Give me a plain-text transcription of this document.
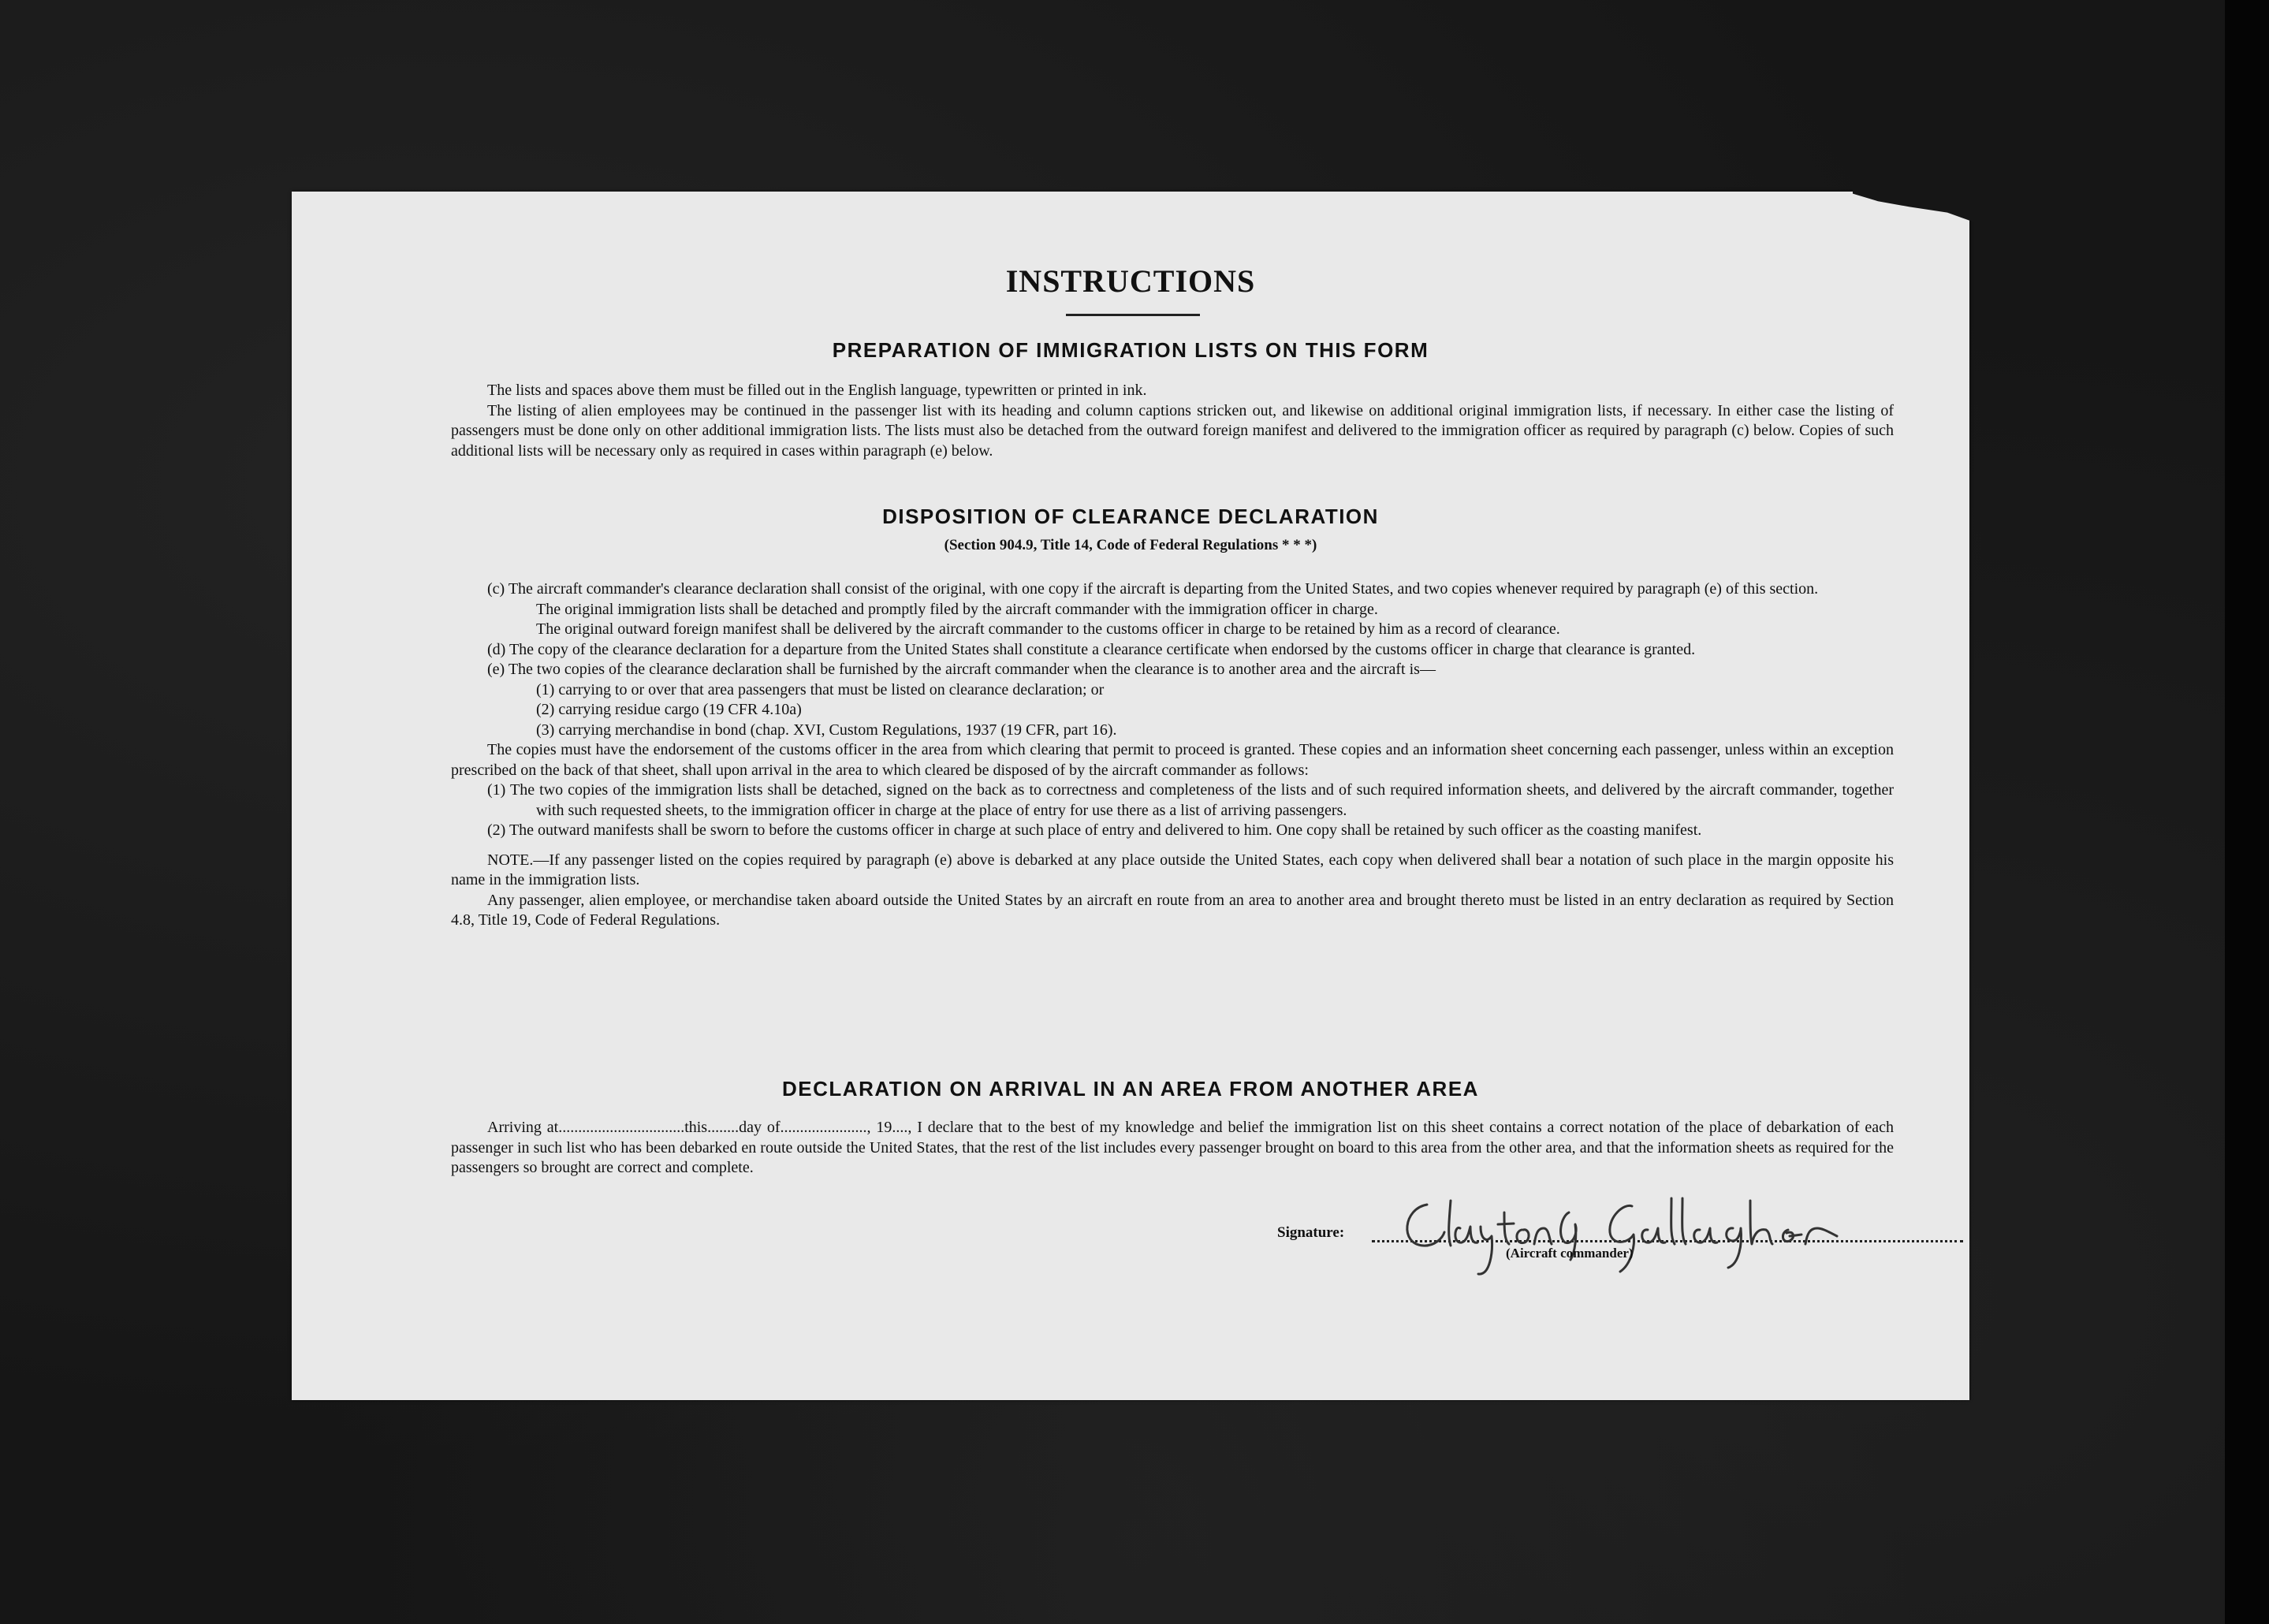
INSTRUCTIONS
PREPARATION OF IMMIGRATION LISTS ON THIS FORM

The lists and spaces above them must be filled out in the English language, typewritten or printed in ink.

The listing of alien employees may be continued in the passenger list with its heading and column captions stricken out, and likewise on additional original immigration lists, if necessary. In either case the listing of passengers must be done only on other additional immigration lists. The lists must also be detached from the outward foreign manifest and delivered to the immigration officer as required by paragraph (c) below. Copies of such additional lists will be necessary only as required in cases within paragraph (e) below.

DISPOSITION OF CLEARANCE DECLARATION
(Section 904.9, Title 14, Code of Federal Regulations * * *)

(c) The aircraft commander's clearance declaration shall consist of the original, with one copy if the aircraft is departing from the United States, and two copies whenever required by paragraph (e) of this section.

The original immigration lists shall be detached and promptly filed by the aircraft commander with the immigration officer in charge.

The original outward foreign manifest shall be delivered by the aircraft commander to the customs officer in charge to be retained by him as a record of clearance.

(d) The copy of the clearance declaration for a departure from the United States shall constitute a clearance certificate when endorsed by the customs officer in charge that clearance is granted.

(e) The two copies of the clearance declaration shall be furnished by the aircraft commander when the clearance is to another area and the aircraft is—

(1) carrying to or over that area passengers that must be listed on clearance declaration; or

(2) carrying residue cargo (19 CFR 4.10a)

(3) carrying merchandise in bond (chap. XVI, Custom Regulations, 1937 (19 CFR, part 16).

The copies must have the endorsement of the customs officer in the area from which clearing that permit to proceed is granted. These copies and an information sheet concerning each passenger, unless within an exception prescribed on the back of that sheet, shall upon arrival in the area to which cleared be disposed of by the aircraft commander as follows:

(1) The two copies of the immigration lists shall be detached, signed on the back as to correctness and completeness of the lists and of such required information sheets, and delivered by the aircraft commander, together with such requested sheets, to the immigration officer in charge at the place of entry for use there as a list of arriving passengers.

(2) The outward manifests shall be sworn to before the customs officer in charge at such place of entry and delivered to him. One copy shall be retained by such officer as the coasting manifest.

NOTE.—If any passenger listed on the copies required by paragraph (e) above is debarked at any place outside the United States, each copy when delivered shall bear a notation of such place in the margin opposite his name in the immigration lists.

Any passenger, alien employee, or merchandise taken aboard outside the United States by an aircraft en route from an area to another area and brought thereto must be listed in an entry declaration as required by Section 4.8, Title 19, Code of Federal Regulations.

DECLARATION ON ARRIVAL IN AN AREA FROM ANOTHER AREA

Arriving at................................this........day of......................, 19...., I declare that to the best of my knowledge and belief the immigration list on this sheet contains a correct notation of the place of debarkation of each passenger in such list who has been debarked en route outside the United States, that the rest of the list includes every passenger brought on board to this area from the other area, and that the information sheets as required for the passengers so brought are correct and complete.

Signature:
(Aircraft commander)
